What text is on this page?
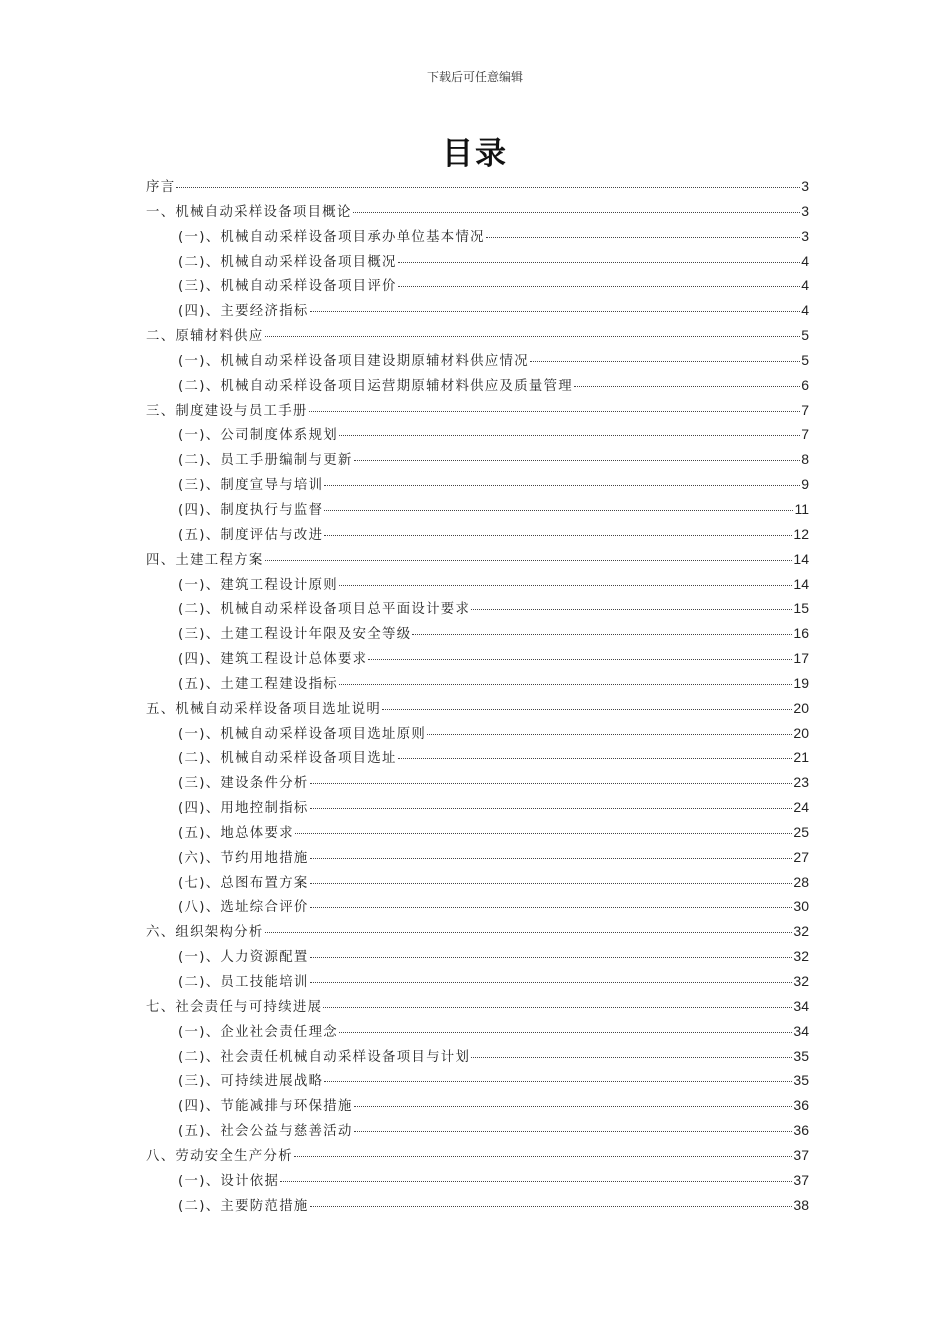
下载后可任意编辑
目录
序言	3
一、机械自动采样设备项目概论	3
(一)、机械自动采样设备项目承办单位基本情况	3
(二)、机械自动采样设备项目概况	4
(三)、机械自动采样设备项目评价	4
(四)、主要经济指标	4
二、原辅材料供应	5
(一)、机械自动采样设备项目建设期原辅材料供应情况	5
(二)、机械自动采样设备项目运营期原辅材料供应及质量管理	6
三、制度建设与员工手册	7
(一)、公司制度体系规划	7
(二)、员工手册编制与更新	8
(三)、制度宣导与培训	9
(四)、制度执行与监督	11
(五)、制度评估与改进	12
四、土建工程方案	14
(一)、建筑工程设计原则	14
(二)、机械自动采样设备项目总平面设计要求	15
(三)、土建工程设计年限及安全等级	16
(四)、建筑工程设计总体要求	17
(五)、土建工程建设指标	19
五、机械自动采样设备项目选址说明	20
(一)、机械自动采样设备项目选址原则	20
(二)、机械自动采样设备项目选址	21
(三)、建设条件分析	23
(四)、用地控制指标	24
(五)、地总体要求	25
(六)、节约用地措施	27
(七)、总图布置方案	28
(八)、选址综合评价	30
六、组织架构分析	32
(一)、人力资源配置	32
(二)、员工技能培训	32
七、社会责任与可持续进展	34
(一)、企业社会责任理念	34
(二)、社会责任机械自动采样设备项目与计划	35
(三)、可持续进展战略	35
(四)、节能减排与环保措施	36
(五)、社会公益与慈善活动	36
八、劳动安全生产分析	37
(一)、设计依据	37
(二)、主要防范措施	38
